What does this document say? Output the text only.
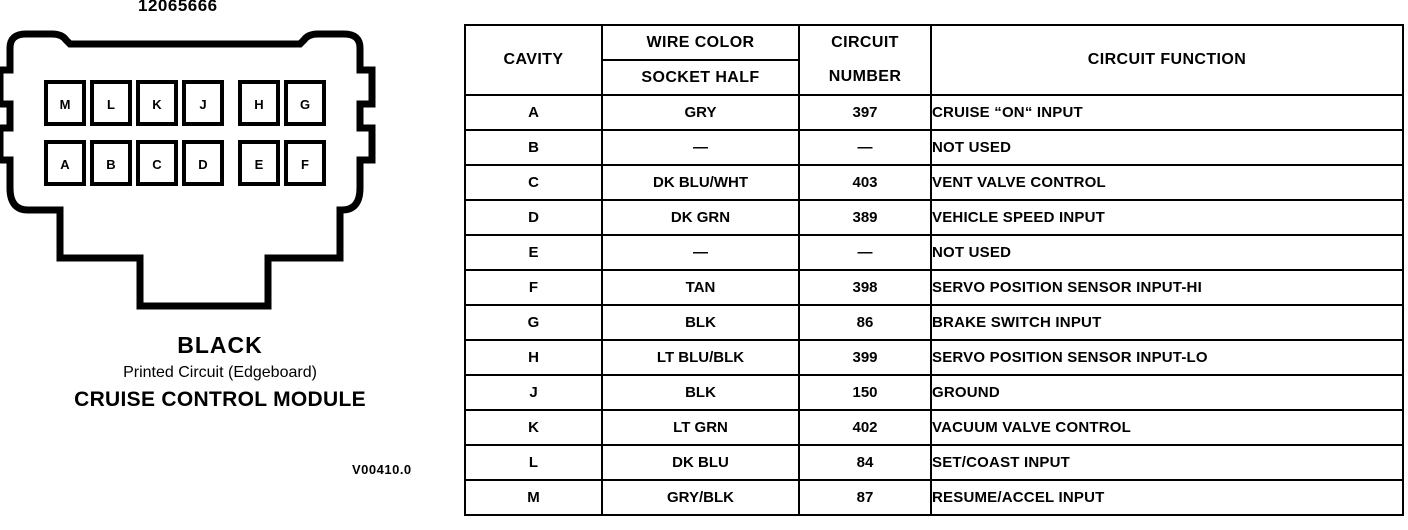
12065666
M	L	K	J	H	G
A	B	C	D	E	F
BLACK
Printed Circuit (Edgeboard)
CRUISE CONTROL MODULE
V00410.0
CAVITY	WIRE COLOR	CIRCUIT	CIRCUIT FUNCTION
	SOCKET HALF	NUMBER	
A	GRY	397	CRUISE “ON“ INPUT
B	—	—	NOT USED
C	DK BLU/WHT	403	VENT VALVE CONTROL
D	DK GRN	389	VEHICLE SPEED INPUT
E	—	—	NOT USED
F	TAN	398	SERVO POSITION SENSOR INPUT-HI
G	BLK	86	BRAKE SWITCH INPUT
H	LT BLU/BLK	399	SERVO POSITION SENSOR INPUT-LO
J	BLK	150	GROUND
K	LT GRN	402	VACUUM VALVE CONTROL
L	DK BLU	84	SET/COAST INPUT
M	GRY/BLK	87	RESUME/ACCEL INPUT
